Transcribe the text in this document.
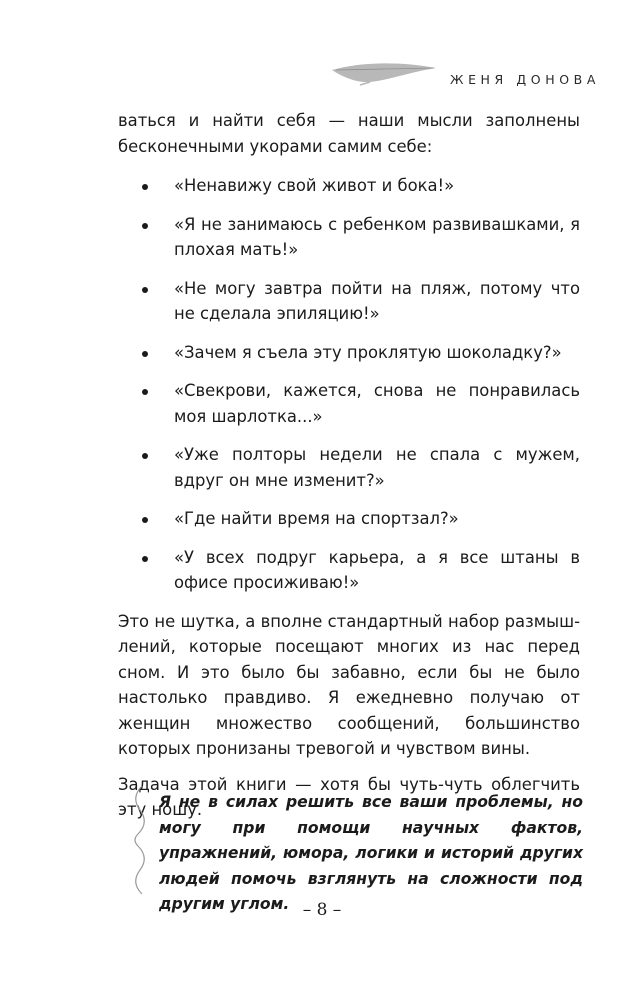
ЖЕНЯ ДОНОВА

ваться и найти себя — наши мысли заполнены бесконечными укорами самим себе:

«Ненавижу свой живот и бока!»
«Я не занимаюсь с ребенком развивашками, я плохая мать!»
«Не могу завтра пойти на пляж, потому что не сделала эпиляцию!»
«Зачем я съела эту проклятую шоколадку?»
«Свекрови, кажется, снова не понравилась моя шарлотка...»
«Уже полторы недели не спала с мужем, вдруг он мне изменит?»
«Где найти время на спортзал?»
«У всех подруг карьера, а я все штаны в офисе просиживаю!»

Это не шутка, а вполне стандартный набор размышлений, которые посещают многих из нас перед сном. И это было бы забавно, если бы не было настолько правдиво. Я ежедневно получаю от женщин множество сообщений, большинство которых пронизаны тревогой и чувством вины.

Задача этой книги — хотя бы чуть-чуть облегчить эту ношу.

Я не в силах решить все ваши проблемы, но могу при помощи научных фактов, упражнений, юмора, логики и историй других людей помочь взглянуть на сложности под другим углом. – 8 –
